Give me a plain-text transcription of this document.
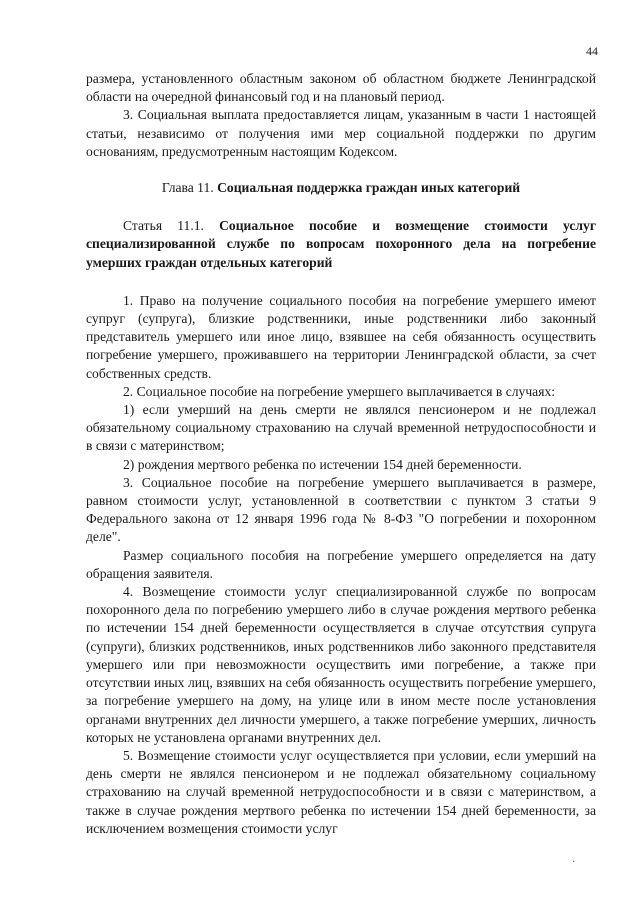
44

размера, установленного областным законом об областном бюджете Ленинградской области на очередной финансовый год и на плановый период.

3. Социальная выплата предоставляется лицам, указанным в части 1 настоящей статьи, независимо от получения ими мер социальной поддержки по другим основаниям, предусмотренным настоящим Кодексом.

Глава 11. Социальная поддержка граждан иных категорий

Статья 11.1. Социальное пособие и возмещение стоимости услуг специализированной службе по вопросам похоронного дела на погребение умерших граждан отдельных категорий

1. Право на получение социального пособия на погребение умершего имеют супруг (супруга), близкие родственники, иные родственники либо законный представитель умершего или иное лицо, взявшее на себя обязанность осуществить погребение умершего, проживавшего на территории Ленинградской области, за счет собственных средств.

2. Социальное пособие на погребение умершего выплачивается в случаях:

1) если умерший на день смерти не являлся пенсионером и не подлежал обязательному социальному страхованию на случай временной нетрудоспособности и в связи с материнством;

2) рождения мертвого ребенка по истечении 154 дней беременности.

3. Социальное пособие на погребение умершего выплачивается в размере, равном стоимости услуг, установленной в соответствии с пунктом 3 статьи 9 Федерального закона от 12 января 1996 года № 8-ФЗ "О погребении и похоронном деле".

Размер социального пособия на погребение умершего определяется на дату обращения заявителя.

4. Возмещение стоимости услуг специализированной службе по вопросам похоронного дела по погребению умершего либо в случае рождения мертвого ребенка по истечении 154 дней беременности осуществляется в случае отсутствия супруга (супруги), близких родственников, иных родственников либо законного представителя умершего или при невозможности осуществить ими погребение, а также при отсутствии иных лиц, взявших на себя обязанность осуществить погребение умершего, за погребение умершего на дому, на улице или в ином месте после установления органами внутренних дел личности умершего, а также погребение умерших, личность которых не установлена органами внутренних дел.

5. Возмещение стоимости услуг осуществляется при условии, если умерший на день смерти не являлся пенсионером и не подлежал обязательному социальному страхованию на случай временной нетрудоспособности и в связи с материнством, а также в случае рождения мертвого ребенка по истечении 154 дней беременности, за исключением возмещения стоимости услуг

·
